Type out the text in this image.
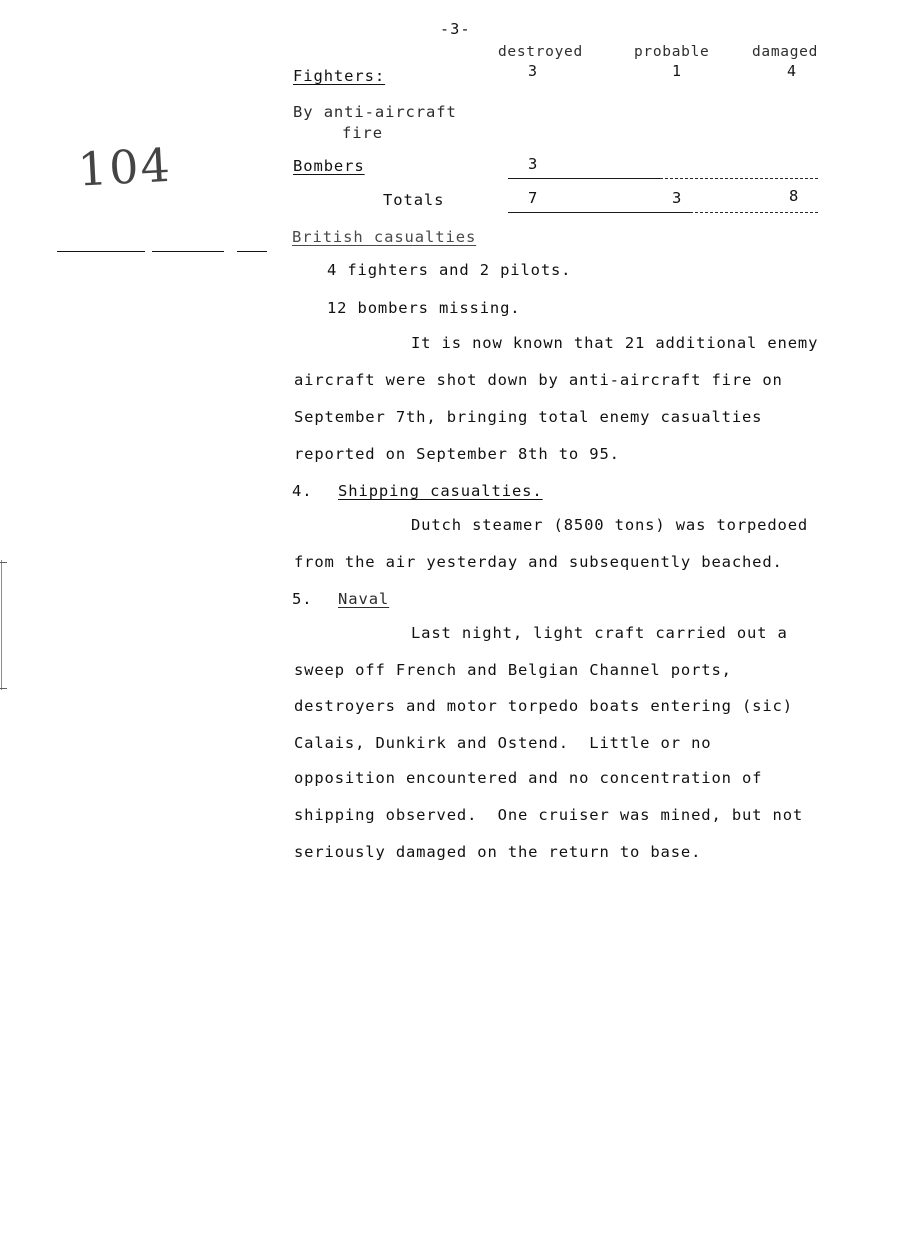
-3-
104
destroyed	probable	damaged
Fighters:	3	1	4
By anti-aircraft
fire
Bombers	3
Totals	7	3	8
British casualties
4 fighters and 2 pilots.
12 bombers missing.
It is now known that 21 additional enemy
aircraft were shot down by anti-aircraft fire on
September 7th, bringing total enemy casualties
reported on September 8th to 95.
4. Shipping casualties.
Dutch steamer (8500 tons) was torpedoed
from the air yesterday and subsequently beached.
5. Naval
Last night, light craft carried out a
sweep off French and Belgian Channel ports,
destroyers and motor torpedo boats entering (sic)
Calais, Dunkirk and Ostend.  Little or no
opposition encountered and no concentration of
shipping observed.  One cruiser was mined, but not
seriously damaged on the return to base.
